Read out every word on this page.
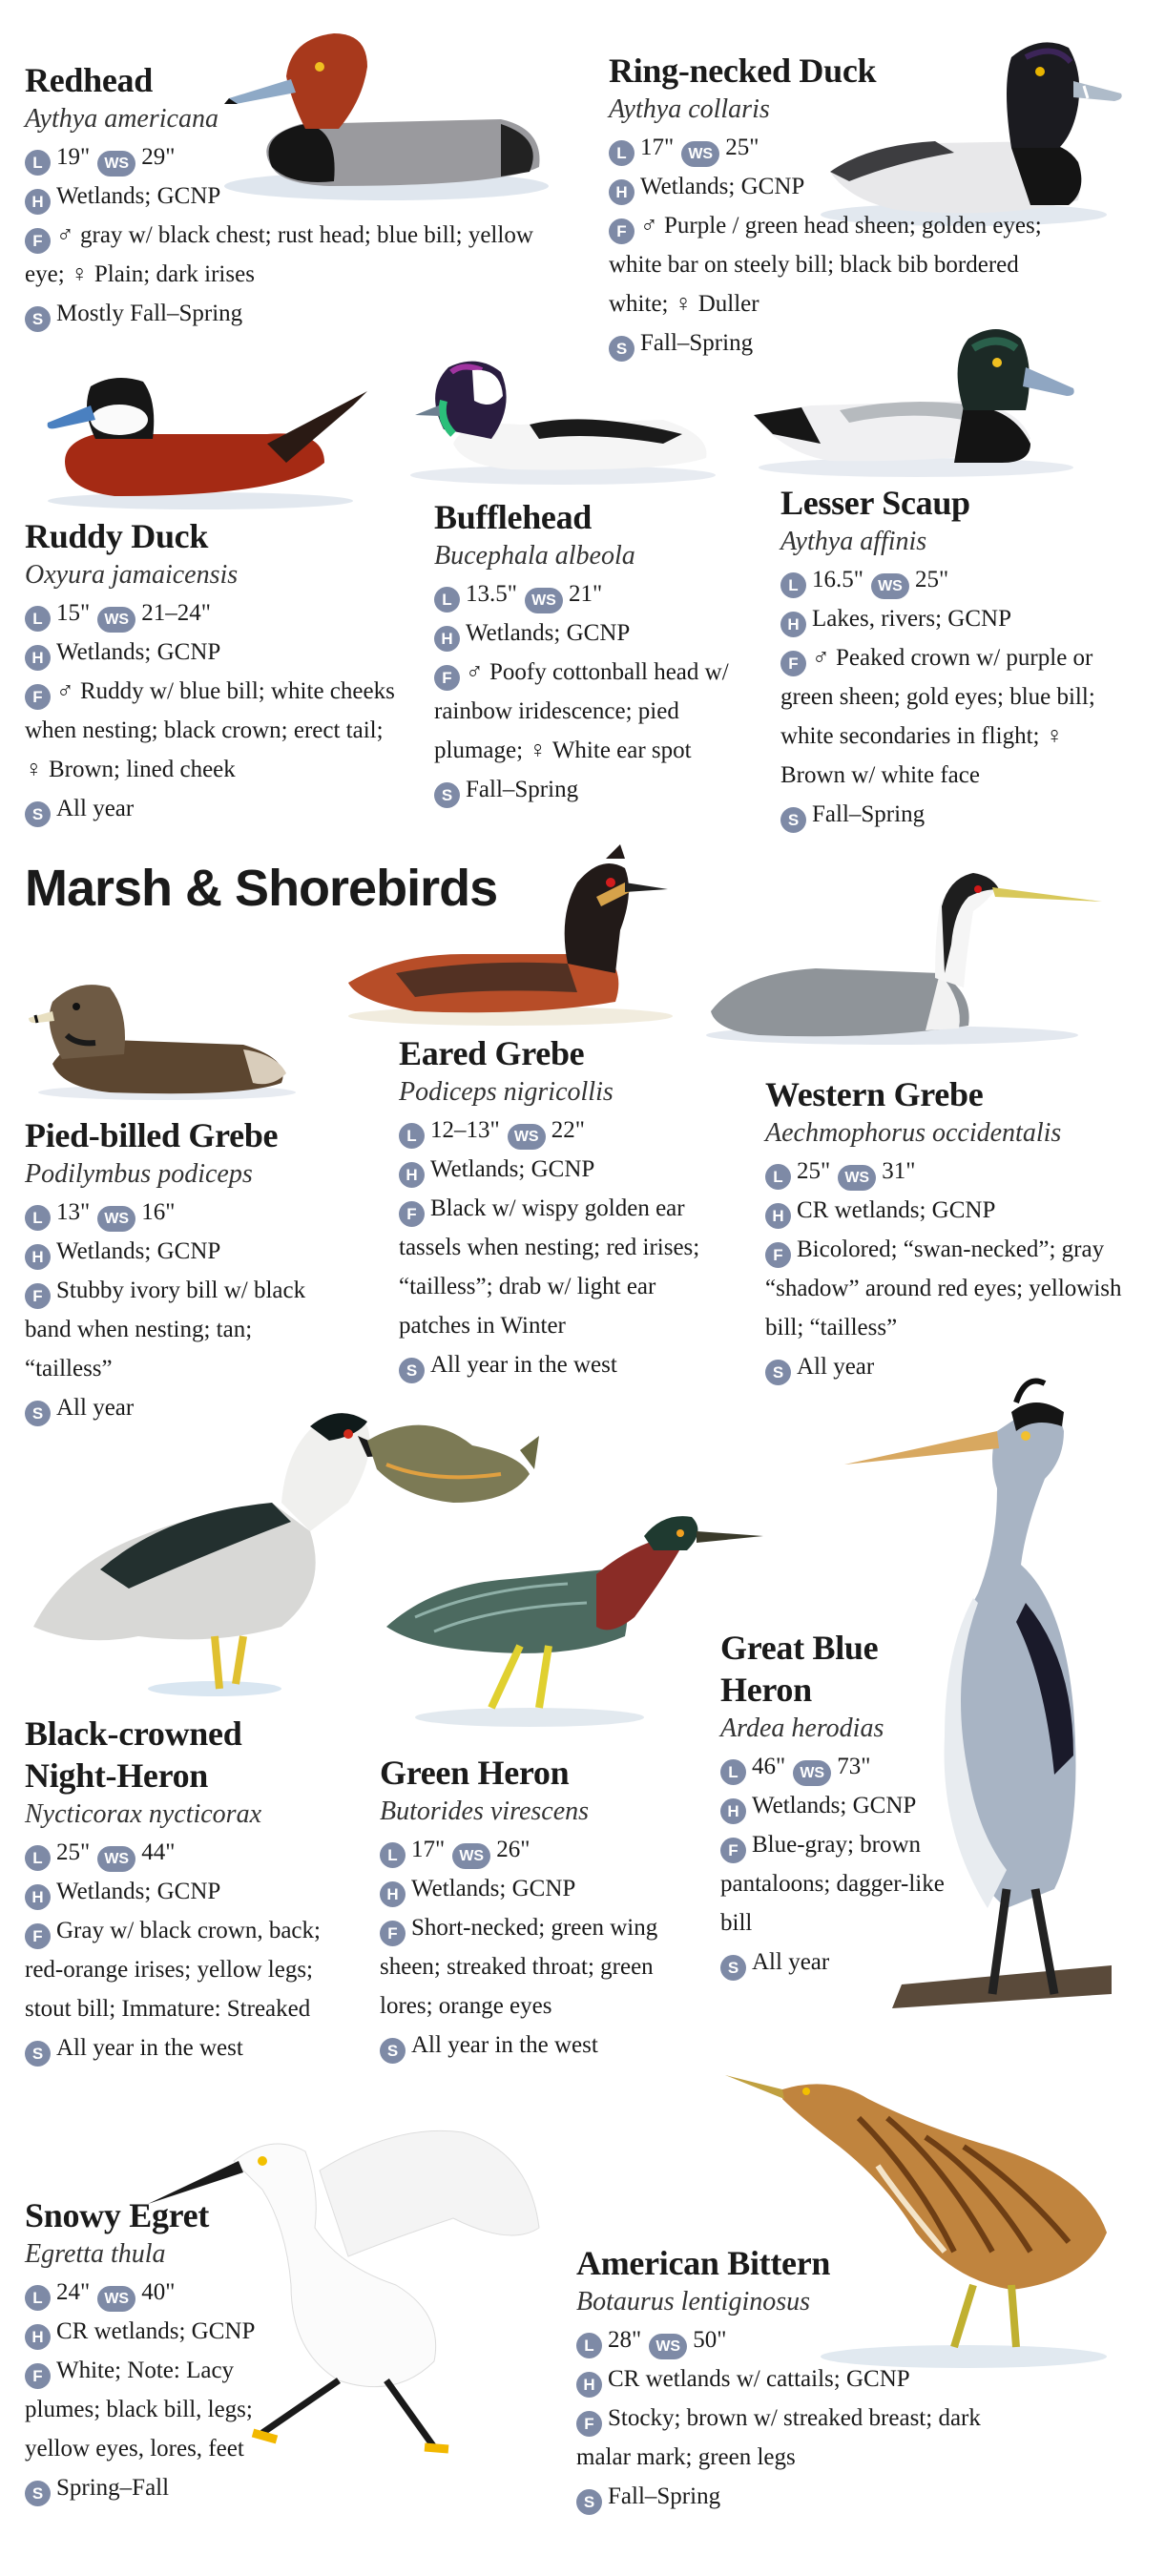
Redhead
Aythya americana
L 19" WS 29"
H Wetlands; GCNP
F ♂ gray w/ black chest; rust head; blue bill; yellow eye; ♀ Plain; dark irises
S Mostly Fall–Spring
Ring-necked Duck
Aythya collaris
L 17" WS 25"
H Wetlands; GCNP
F ♂ Purple / green head sheen; golden eyes; white bar on steely bill; black bib bordered white; ♀ Duller
S Fall–Spring
Ruddy Duck
Oxyura jamaicensis
L 15" WS 21–24"
H Wetlands; GCNP
F ♂ Ruddy w/ blue bill; white cheeks when nesting; black crown; erect tail; ♀ Brown; lined cheek
S All year
Bufflehead
Bucephala albeola
L 13.5" WS 21"
H Wetlands; GCNP
F ♂ Poofy cottonball head w/ rainbow iridescence; pied plumage; ♀ White ear spot
S Fall–Spring
Lesser Scaup
Aythya affinis
L 16.5" WS 25"
H Lakes, rivers; GCNP
F ♂ Peaked crown w/ purple or green sheen; gold eyes; blue bill; white secondaries in flight; ♀ Brown w/ white face
S Fall–Spring
Marsh & Shorebirds
Pied-billed Grebe
Podilymbus podiceps
L 13" WS 16"
H Wetlands; GCNP
F Stubby ivory bill w/ black band when nesting; tan; “tailless”
S All year
Eared Grebe
Podiceps nigricollis
L 12–13" WS 22"
H Wetlands; GCNP
F Black w/ wispy golden ear tassels when nesting; red irises; “tailless”; drab w/ light ear patches in Winter
S All year in the west
Western Grebe
Aechmophorus occidentalis
L 25" WS 31"
H CR wetlands; GCNP
F Bicolored; “swan-necked”; gray “shadow” around red eyes; yellowish bill; “tailless”
S All year
Black-crowned Night-Heron
Nycticorax nycticorax
L 25" WS 44"
H Wetlands; GCNP
F Gray w/ black crown, back; red-orange irises; yellow legs; stout bill; Immature: Streaked
S All year in the west
Green Heron
Butorides virescens
L 17" WS 26"
H Wetlands; GCNP
F Short-necked; green wing sheen; streaked throat; green lores; orange eyes
S All year in the west
Great Blue Heron
Ardea herodias
L 46" WS 73"
H Wetlands; GCNP
F Blue-gray; brown pantaloons; dagger-like bill
S All year
Snowy Egret
Egretta thula
L 24" WS 40"
H CR wetlands; GCNP
F White; Note: Lacy plumes; black bill, legs; yellow eyes, lores, feet
S Spring–Fall
American Bittern
Botaurus lentiginosus
L 28" WS 50"
H CR wetlands w/ cattails; GCNP
F Stocky; brown w/ streaked breast; dark malar mark; green legs
S Fall–Spring
